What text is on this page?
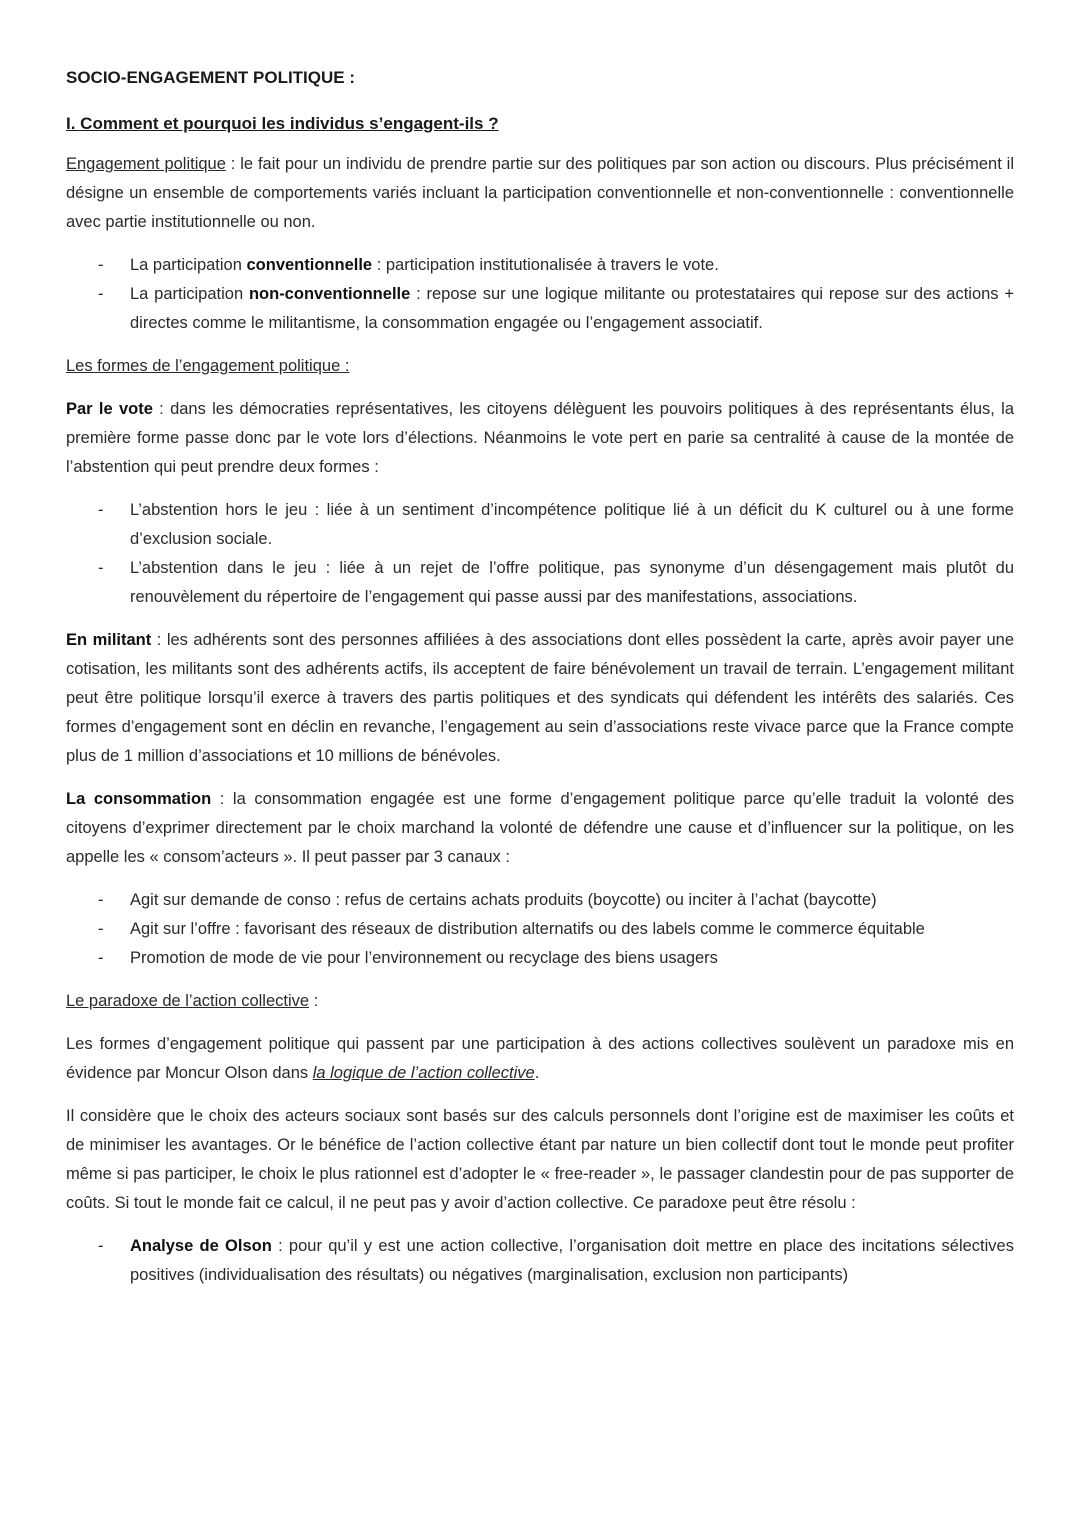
SOCIO-ENGAGEMENT POLITIQUE :
I. Comment et pourquoi les individus s’engagent-ils ?

Engagement politique : le fait pour un individu de prendre partie sur des politiques par son action ou discours. Plus précisément il désigne un ensemble de comportements variés incluant la participation conventionnelle et non-conventionnelle : conventionnelle avec partie institutionnelle ou non.

- La participation conventionnelle : participation institutionalisée à travers le vote.
- La participation non-conventionnelle : repose sur une logique militante ou protestataires qui repose sur des actions + directes comme le militantisme, la consommation engagée ou l’engagement associatif.
Les formes de l’engagement politique :

Par le vote : dans les démocraties représentatives, les citoyens délèguent les pouvoirs politiques à des représentants élus, la première forme passe donc par le vote lors d’élections. Néanmoins le vote pert en parie sa centralité à cause de la montée de l’abstention qui peut prendre deux formes :

- L’abstention hors le jeu : liée à un sentiment d’incompétence politique lié à un déficit du K culturel ou à une forme d’exclusion sociale.
- L’abstention dans le jeu : liée à un rejet de l’offre politique, pas synonyme d’un désengagement mais plutôt du renouvèlement du répertoire de l’engagement qui passe aussi par des manifestations, associations.

En militant : les adhérents sont des personnes affiliées à des associations dont elles possèdent la carte, après avoir payer une cotisation, les militants sont des adhérents actifs, ils acceptent de faire bénévolement un travail de terrain. L’engagement militant peut être politique lorsqu’il exerce à travers des partis politiques et des syndicats qui défendent les intérêts des salariés. Ces formes d’engagement sont en déclin en revanche, l’engagement au sein d’associations reste vivace parce que la France compte plus de 1 million d’associations et 10 millions de bénévoles.

La consommation : la consommation engagée est une forme d’engagement politique parce qu’elle traduit la volonté des citoyens d’exprimer directement par le choix marchand la volonté de défendre une cause et d’influencer sur la politique, on les appelle les « consom’acteurs ». Il peut passer par 3 canaux :

- Agit sur demande de conso : refus de certains achats produits (boycotte) ou inciter à l’achat (baycotte)
- Agit sur l’offre : favorisant des réseaux de distribution alternatifs ou des labels comme le commerce équitable
- Promotion de mode de vie pour l’environnement ou recyclage des biens usagers
Le paradoxe de l’action collective :

Les formes d’engagement politique qui passent par une participation à des actions collectives soulèvent un paradoxe mis en évidence par Moncur Olson dans la logique de l’action collective.

Il considère que le choix des acteurs sociaux sont basés sur des calculs personnels dont l’origine est de maximiser les coûts et de minimiser les avantages. Or le bénéfice de l’action collective étant par nature un bien collectif dont tout le monde peut profiter même si pas participer, le choix le plus rationnel est d’adopter le « free-reader », le passager clandestin pour de pas supporter de coûts. Si tout le monde fait ce calcul, il ne peut pas y avoir d’action collective. Ce paradoxe peut être résolu :

- Analyse de Olson : pour qu’il y est une action collective, l’organisation doit mettre en place des incitations sélectives positives (individualisation des résultats) ou négatives (marginalisation, exclusion non participants)
